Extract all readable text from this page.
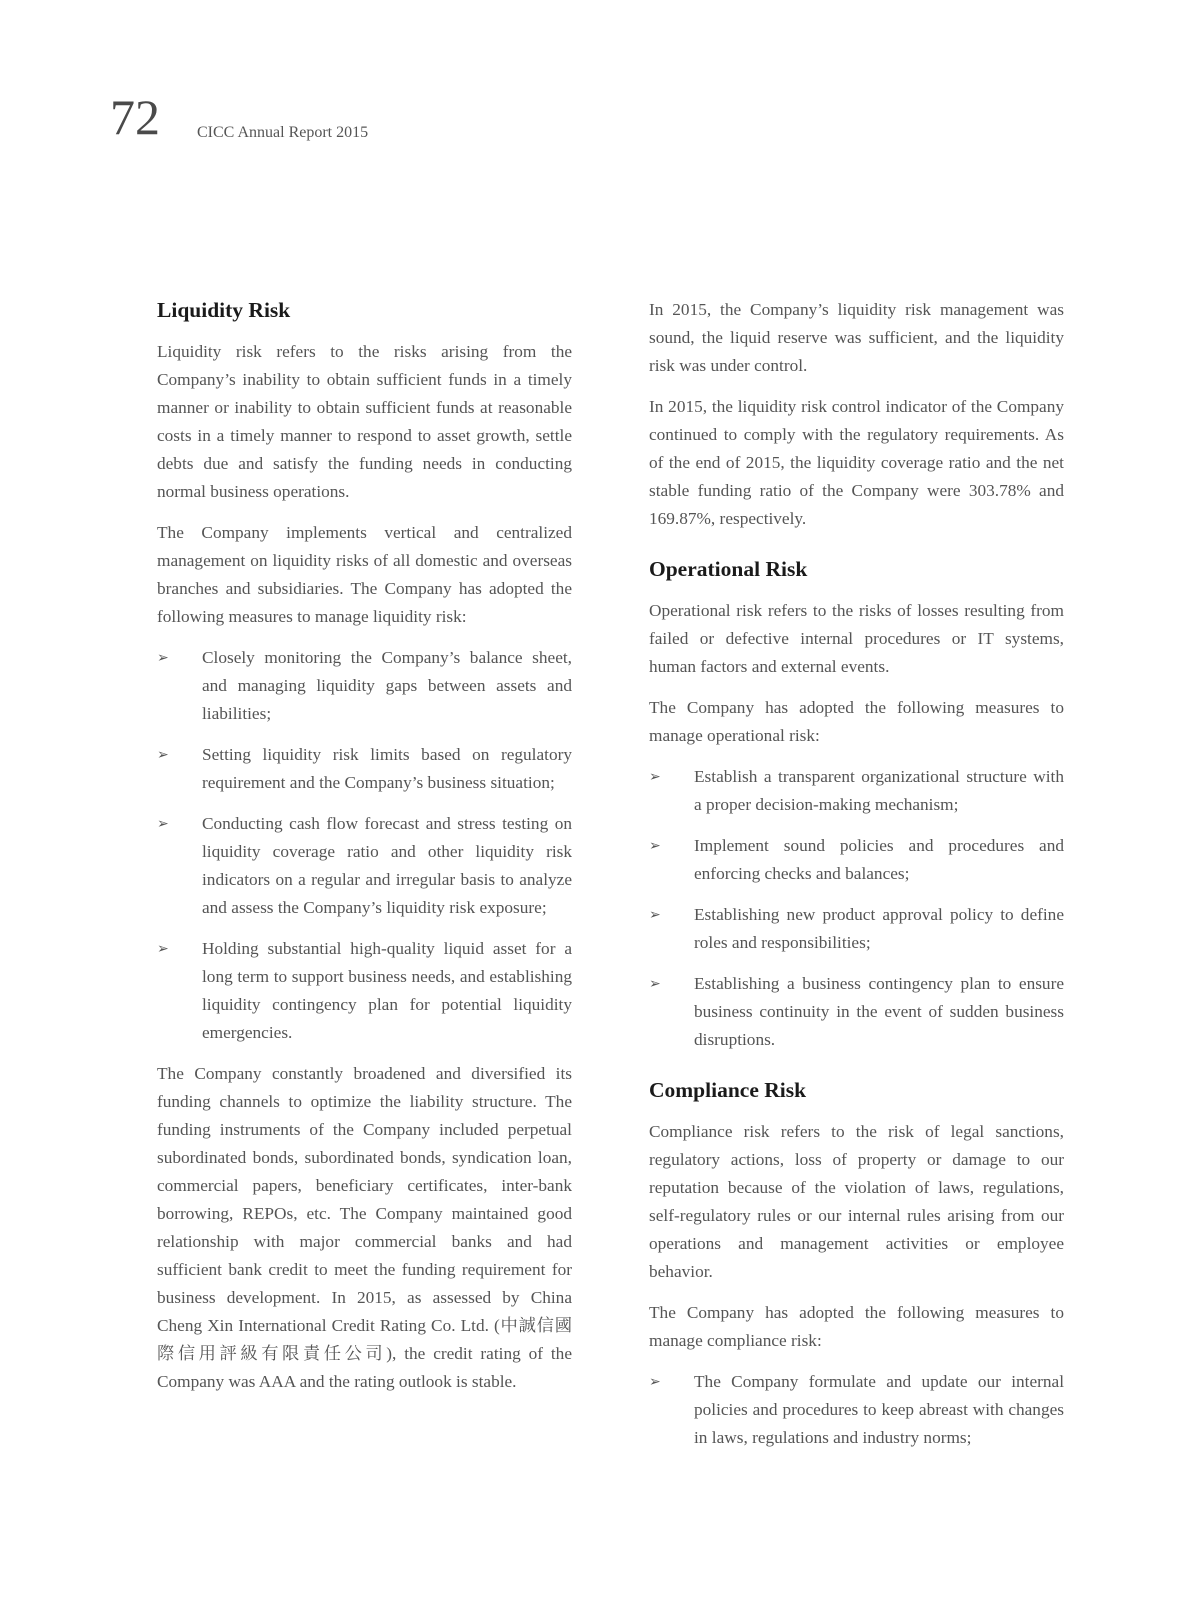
72 CICC Annual Report 2015
Liquidity Risk

Liquidity risk refers to the risks arising from the Company’s inability to obtain sufficient funds in a timely manner or inability to obtain sufficient funds at reasonable costs in a timely manner to respond to asset growth, settle debts due and satisfy the funding needs in conducting normal business operations.

The Company implements vertical and centralized management on liquidity risks of all domestic and overseas branches and subsidiaries. The Company has adopted the following measures to manage liquidity risk:

➢ Closely monitoring the Company’s balance sheet, and managing liquidity gaps between assets and liabilities;
➢ Setting liquidity risk limits based on regulatory requirement and the Company’s business situation;
➢ Conducting cash flow forecast and stress testing on liquidity coverage ratio and other liquidity risk indicators on a regular and irregular basis to analyze and assess the Company’s liquidity risk exposure;
➢ Holding substantial high-quality liquid asset for a long term to support business needs, and establishing liquidity contingency plan for potential liquidity emergencies.

The Company constantly broadened and diversified its funding channels to optimize the liability structure. The funding instruments of the Company included perpetual subordinated bonds, subordinated bonds, syndication loan, commercial papers, beneficiary certificates, inter-bank borrowing, REPOs, etc. The Company maintained good relationship with major commercial banks and had sufficient bank credit to meet the funding requirement for business development. In 2015, as assessed by China Cheng Xin International Credit Rating Co. Ltd. (中誠信國際信用評級有限責任公司), the credit rating of the Company was AAA and the rating outlook is stable.

In 2015, the Company’s liquidity risk management was sound, the liquid reserve was sufficient, and the liquidity risk was under control.

In 2015, the liquidity risk control indicator of the Company continued to comply with the regulatory requirements. As of the end of 2015, the liquidity coverage ratio and the net stable funding ratio of the Company were 303.78% and 169.87%, respectively.

Operational Risk

Operational risk refers to the risks of losses resulting from failed or defective internal procedures or IT systems, human factors and external events.

The Company has adopted the following measures to manage operational risk:

➢ Establish a transparent organizational structure with a proper decision-making mechanism;
➢ Implement sound policies and procedures and enforcing checks and balances;
➢ Establishing new product approval policy to define roles and responsibilities;
➢ Establishing a business contingency plan to ensure business continuity in the event of sudden business disruptions.
Compliance Risk

Compliance risk refers to the risk of legal sanctions, regulatory actions, loss of property or damage to our reputation because of the violation of laws, regulations, self-regulatory rules or our internal rules arising from our operations and management activities or employee behavior.

The Company has adopted the following measures to manage compliance risk:

➢ The Company formulate and update our internal policies and procedures to keep abreast with changes in laws, regulations and industry norms;
